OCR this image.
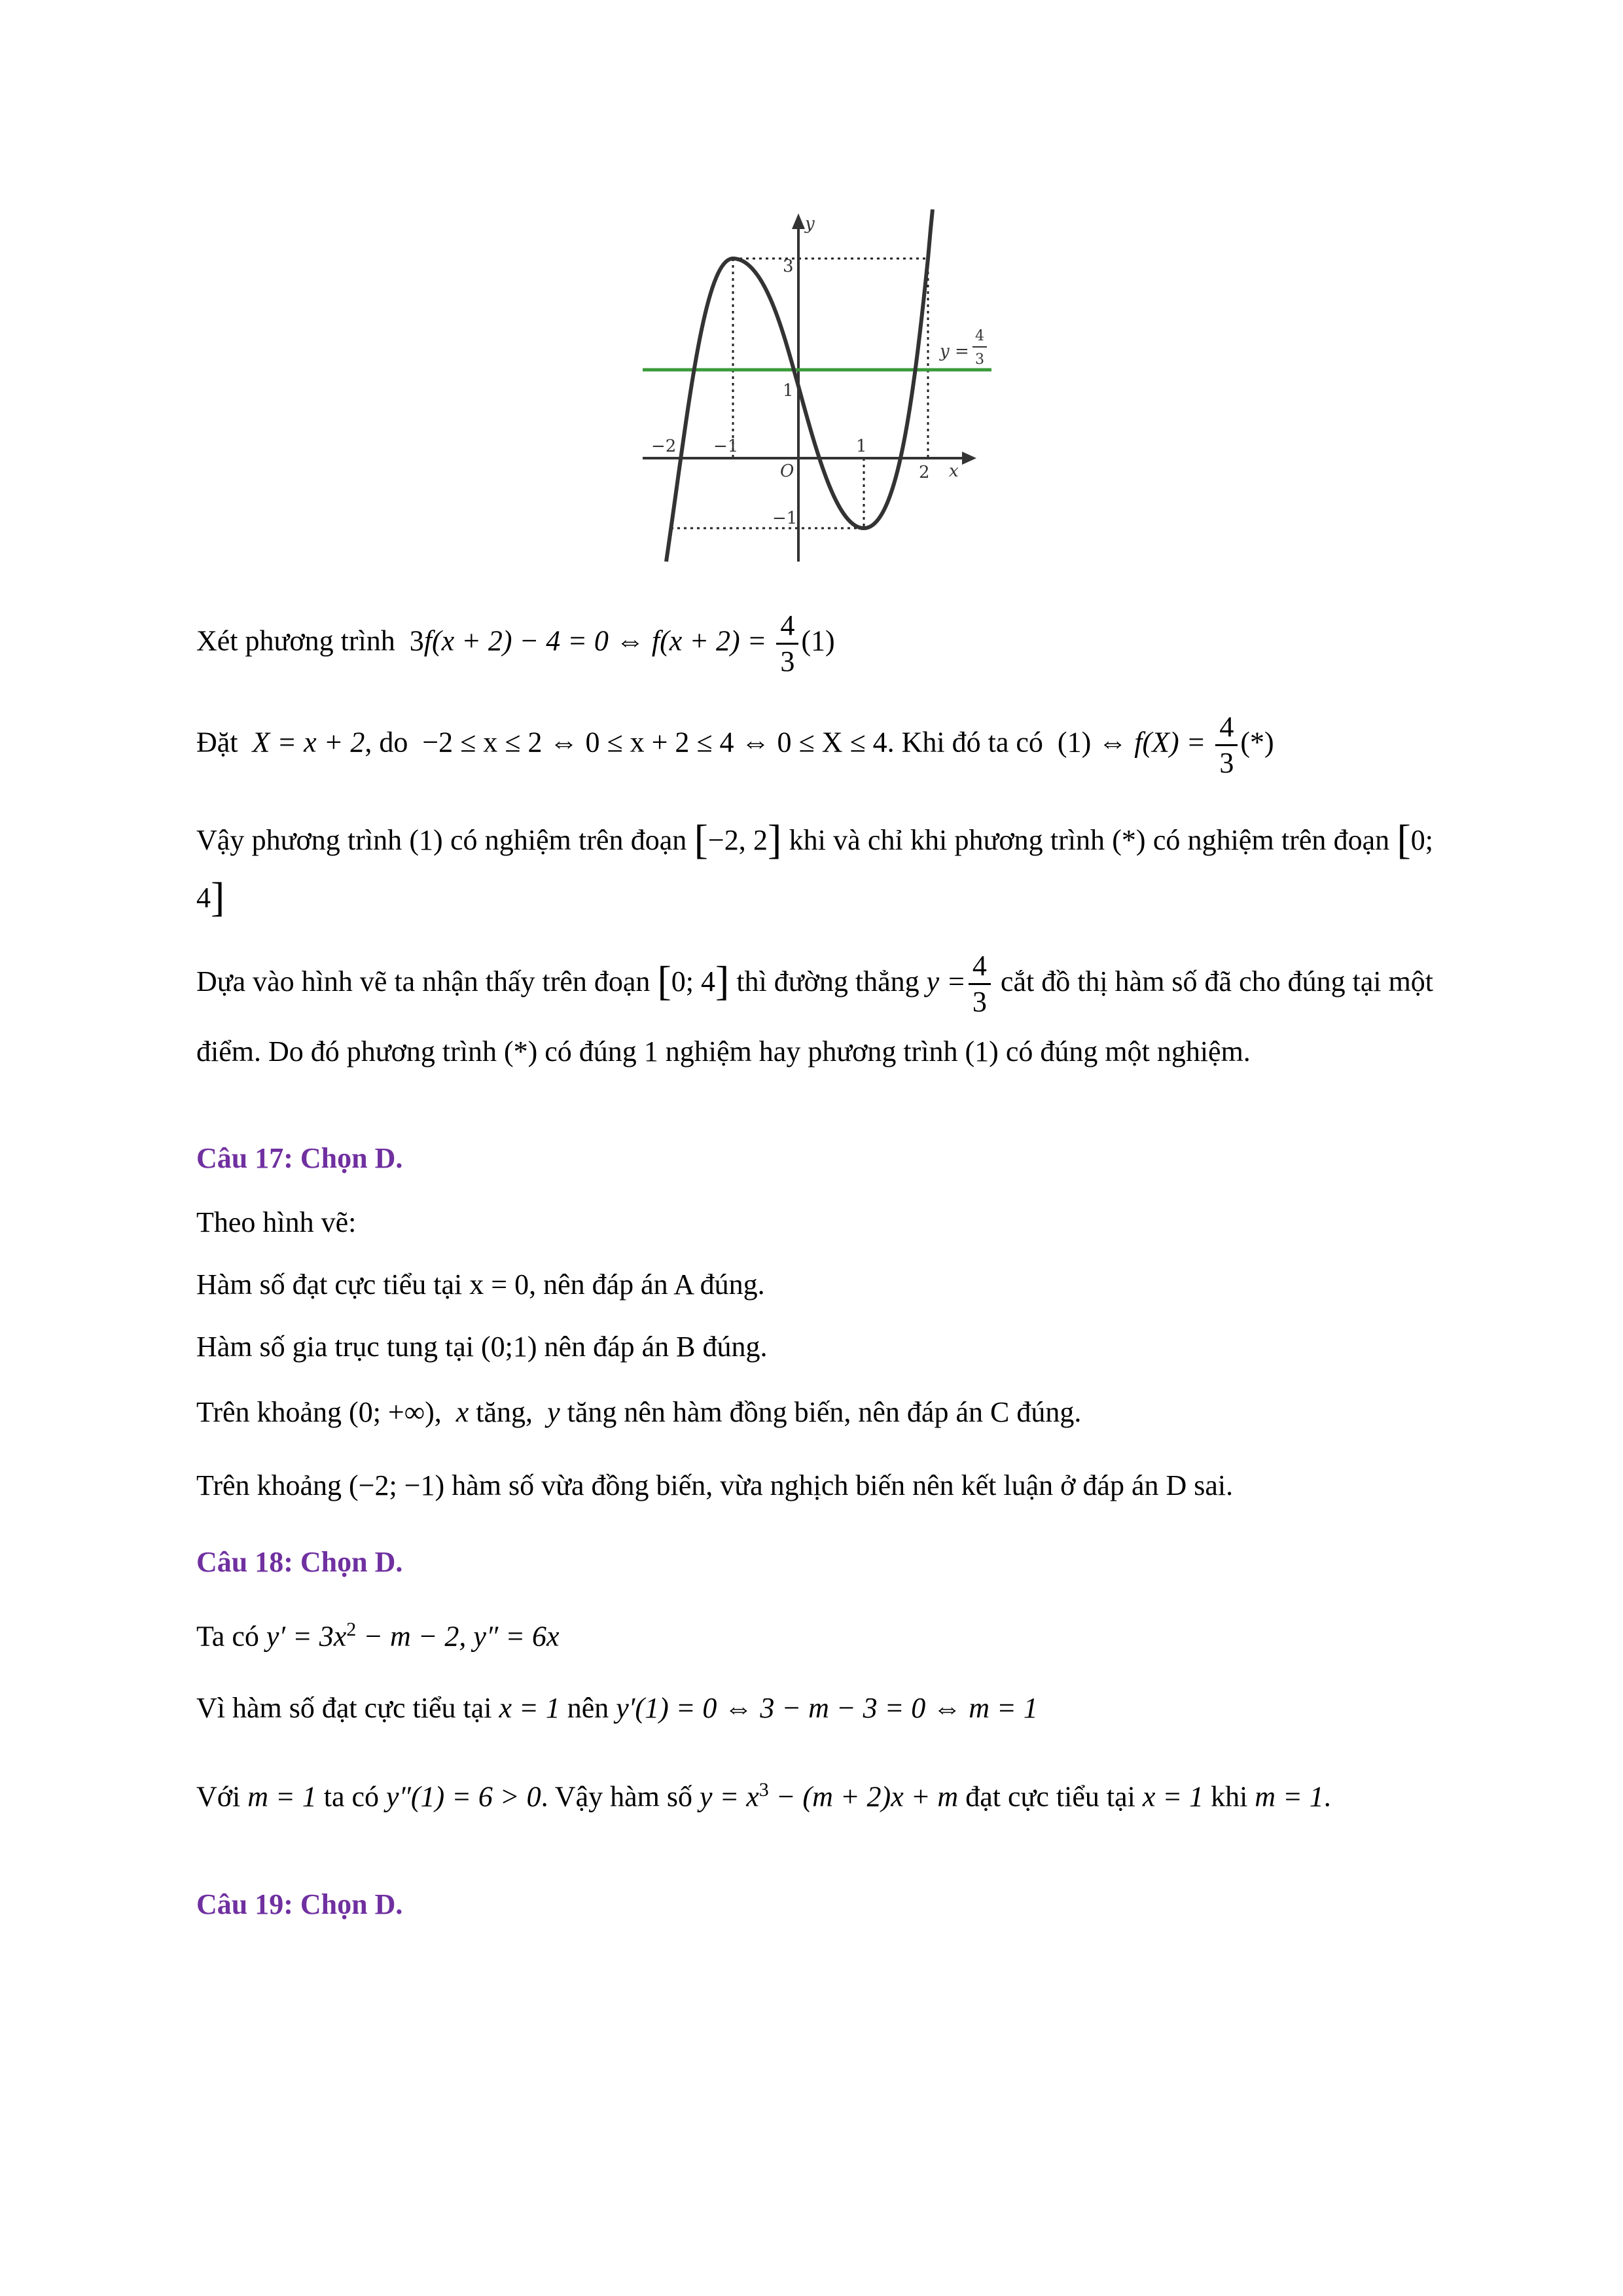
y
x
3
1
−1
O
−2 −1	1
2
y =
4
3
Xét phương trình 3f(x + 2) − 4 = 0 ⇔ $f(x + 2) = \frac{4}{3} (1)$
Đặt X = x + 2, do −2 ≤ x ≤ 2 ⇔ 0 ≤ x + 2 ≤ 4 ⇔ 0 ≤ X ≤ 4. Khi đó ta có (1) ⇔ $f(X) = \frac{4}{3}$ (*)
Vậy phương trình (1) có nghiệm trên đoạn [−2, 2] khi và chỉ khi phương trình (*) có nghiệm trên đoạn [0; 4]
Dựa vào hình vẽ ta nhận thấy trên đoạn [0; 4] thì đường thẳng $y = \frac{4}{3}$ cắt đồ thị hàm số đã cho đúng tại một điểm. Do đó phương trình (*) có đúng 1 nghiệm hay phương trình (1) có đúng một nghiệm.
Câu 17: Chọn D.
Theo hình vẽ:
Hàm số đạt cực tiểu tại x = 0, nên đáp án A đúng.
Hàm số gia trục tung tại (0;1) nên đáp án B đúng.
Trên khoảng (0; +∞), x tăng, y tăng nên hàm đồng biến, nên đáp án C đúng.
Trên khoảng (−2; −1) hàm số vừa đồng biến, vừa nghịch biến nên kết luận ở đáp án D sai.
Câu 18: Chọn D.
Ta có $y' = 3x^2 - m - 2$, y″ = 6x
Vì hàm số đạt cực tiểu tại x = 1 nên y′(1) = 0 ⇔ 3 − m − 3 = 0 ⇔ m = 1
Với m = 1 ta có y″(1) = 6 > 0. Vậy hàm số $y = x^3 - (m + 2)x + m$ đạt cực tiểu tại x = 1 khi m = 1.
Câu 19: Chọn D.
